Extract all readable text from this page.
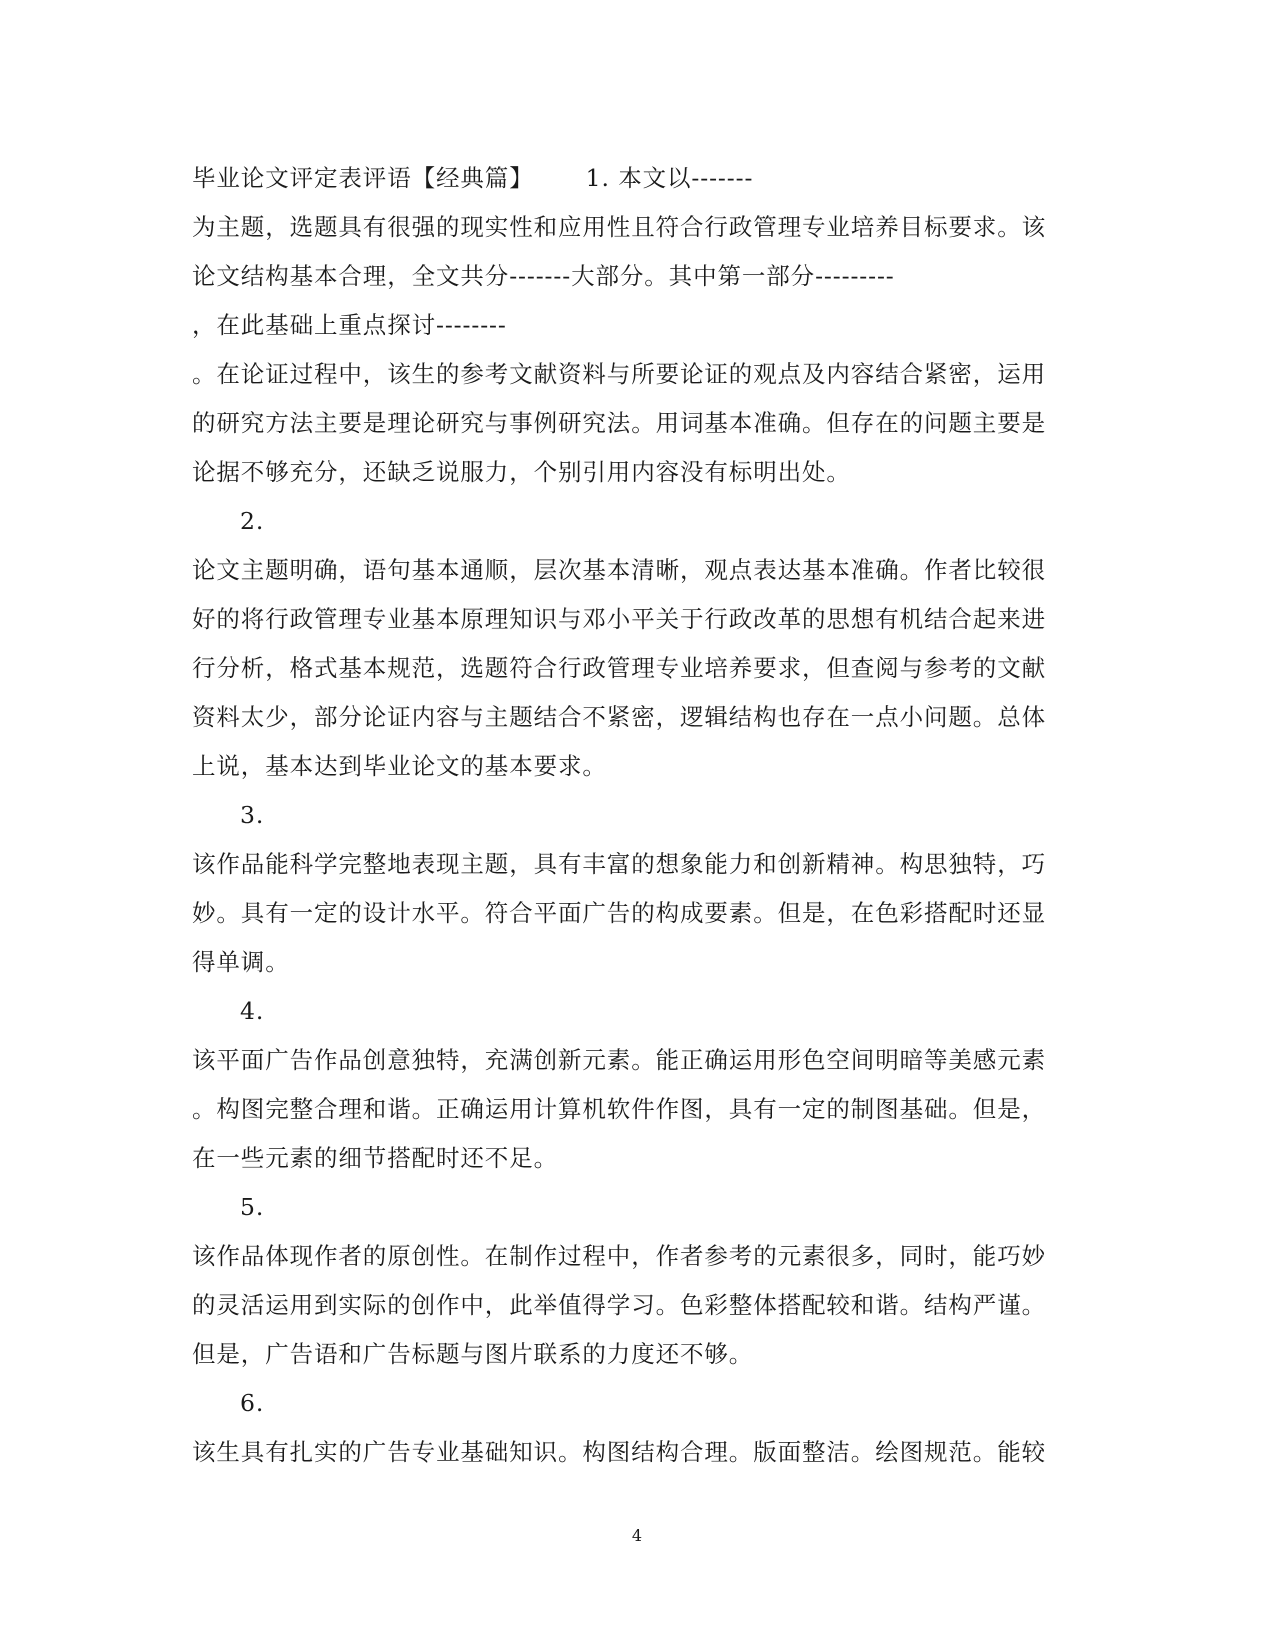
毕业论文评定表评语【经典篇】 1. 本文以-------
为主题，选题具有很强的现实性和应用性且符合行政管理专业培养目标要求。该
论文结构基本合理，全文共分-------大部分。其中第一部分---------
，在此基础上重点探讨--------
。在论证过程中，该生的参考文献资料与所要论证的观点及内容结合紧密，运用
的研究方法主要是理论研究与事例研究法。用词基本准确。但存在的问题主要是
论据不够充分，还缺乏说服力，个别引用内容没有标明出处。
2.
论文主题明确，语句基本通顺，层次基本清晰，观点表达基本准确。作者比较很
好的将行政管理专业基本原理知识与邓小平关于行政改革的思想有机结合起来进
行分析，格式基本规范，选题符合行政管理专业培养要求，但查阅与参考的文献
资料太少，部分论证内容与主题结合不紧密，逻辑结构也存在一点小问题。总体
上说，基本达到毕业论文的基本要求。
3.
该作品能科学完整地表现主题，具有丰富的想象能力和创新精神。构思独特，巧
妙。具有一定的设计水平。符合平面广告的构成要素。但是，在色彩搭配时还显
得单调。
4.
该平面广告作品创意独特，充满创新元素。能正确运用形色空间明暗等美感元素
。构图完整合理和谐。正确运用计算机软件作图，具有一定的制图基础。但是，
在一些元素的细节搭配时还不足。
5.
该作品体现作者的原创性。在制作过程中，作者参考的元素很多，同时，能巧妙
的灵活运用到实际的创作中，此举值得学习。色彩整体搭配较和谐。结构严谨。
但是，广告语和广告标题与图片联系的力度还不够。
6.
该生具有扎实的广告专业基础知识。构图结构合理。版面整洁。绘图规范。能较
4
